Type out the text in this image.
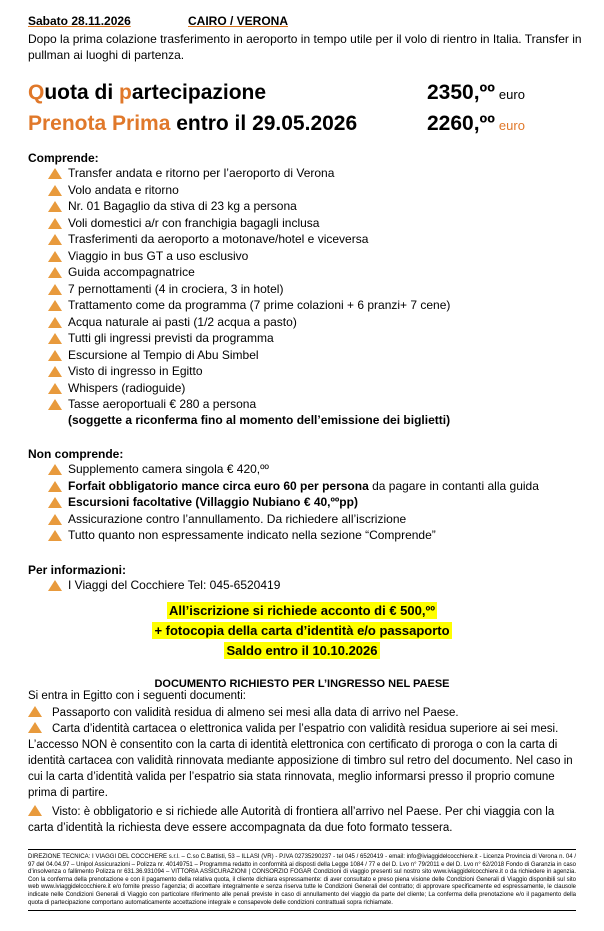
Sabato 28.11.2026	CAIRO / VERONA
Dopo la prima colazione trasferimento in aeroporto in tempo utile per il volo di rientro in Italia. Transfer in pullman ai luoghi di partenza.
Quota di partecipazione	2350,ºº euro
Prenota Prima entro il 29.05.2026	2260,ºº euro
Comprende:
Transfer andata e ritorno per l’aeroporto di Verona
Volo andata e ritorno
Nr. 01 Bagaglio da stiva di 23 kg a persona
Voli domestici a/r con franchigia bagagli inclusa
Trasferimenti da aeroporto a motonave/hotel e viceversa
Viaggio in bus GT a uso esclusivo
Guida accompagnatrice
7 pernottamenti (4 in crociera, 3 in hotel)
Trattamento come da programma (7 prime colazioni + 6 pranzi+ 7 cene)
Acqua naturale ai pasti (1/2 acqua a pasto)
Tutti gli ingressi previsti da programma
Escursione al Tempio di Abu Simbel
Visto di ingresso in Egitto
Whispers (radioguide)
Tasse aeroportuali € 280 a persona
(soggette a riconferma fino al momento dell’emissione dei biglietti)
Non comprende:
Supplemento camera singola € 420,ºº
Forfait obbligatorio mance circa euro 60 per persona da pagare in contanti alla guida
Escursioni facoltative (Villaggio Nubiano € 40,ººpp)
Assicurazione contro l’annullamento. Da richiedere all’iscrizione
Tutto quanto non espressamente indicato nella sezione “Comprende”
Per informazioni:
I Viaggi del Cocchiere Tel: 045-6520419
All’iscrizione si richiede acconto di € 500,ºº
+ fotocopia della carta d’identità e/o passaporto
Saldo entro il 10.10.2026
DOCUMENTO RICHIESTO PER L’INGRESSO NEL PAESE
Si entra in Egitto con i seguenti documenti:
Passaporto con validità residua di almeno sei mesi alla data di arrivo nel Paese.
Carta d’identità cartacea o elettronica valida per l’espatrio con validità residua superiore ai sei mesi.
L’accesso NON è consentito con la carta di identità elettronica con certificato di proroga o con la carta di identità cartacea con validità rinnovata mediante apposizione di timbro sul retro del documento. Nel caso in cui la carta d’identità valida per l’espatrio sia stata rinnovata, meglio informarsi presso il proprio comune prima di partire.
Visto: è obbligatorio e si richiede alle Autorità di frontiera all’arrivo nel Paese. Per chi viaggia con la carta d’identità la richiesta deve essere accompagnata da due foto formato tessera.
DIREZIONE TECNICA: I VIAGGI DEL COCCHIERE s.r.l. – C.so C.Battisti, 53 – ILLASI (VR) - P.IVA 02735290237 - tel 045 / 6520419 - email: info@iviaggidelcocchiere.it - Licenza Provincia di Verona n. 04 / 97 del 04.04.97 – Unipol Assicurazioni – Polizza nr. 40149751 – Programma redatto in conformità ai disposti della Legge 1084 / 77 e del D. Lvo n° 79/2011 e del D. Lvo n° 62/2018 Fondo di Garanzia in caso d’insolvenza o fallimento Polizza nr 631.36.931094 – VITTORIA ASSICURAZIONI | CONSORZIO FOGAR Condizioni di viaggio presenti sul nostro sito www.iviaggidelcocchiere.it o da richiedere in agenzia. Con la conferma della prenotazione e con il pagamento della relativa quota, il cliente dichiara espressamente: di aver consultato e preso piena visione delle Condizioni Generali di Viaggio disponibili sul sito web www.iviaggidelcocchiere.it e/o fornite presso l’agenzia; di accettare integralmente e senza riserva tutte le Condizioni Generali del contratto; di approvare specificamente ed espressamente, le clausole indicate nelle Condizioni Generali di Viaggio con particolare riferimento alle penali previste in caso di annullamento del viaggio da parte del cliente; La conferma della prenotazione e/o il pagamento della quota di partecipazione comportano automaticamente accettazione integrale e consapevole delle condizioni contrattuali sopra richiamate.
